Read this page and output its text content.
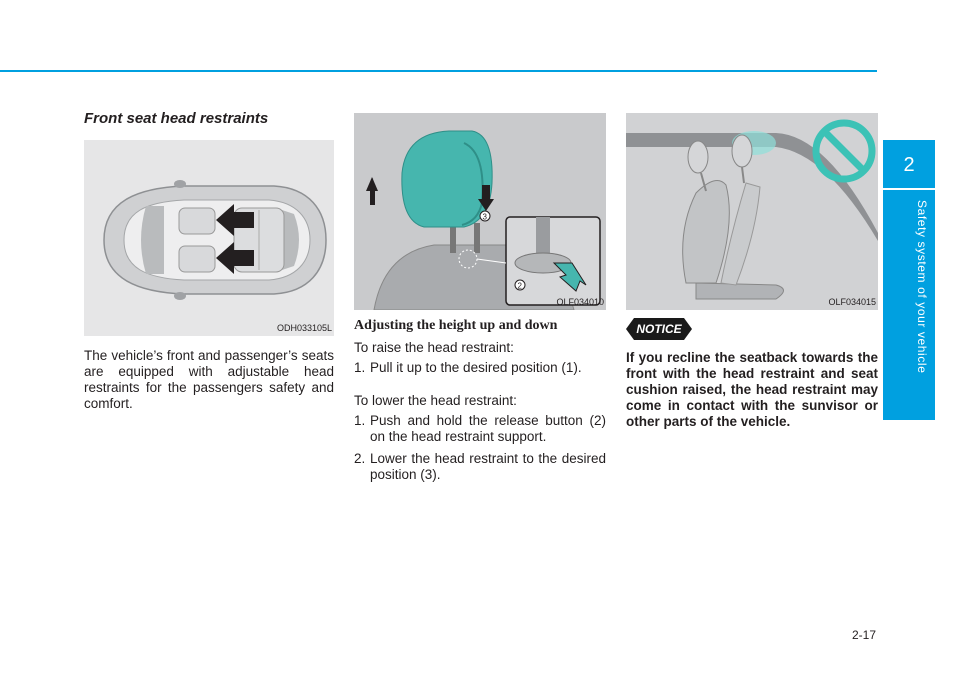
2
Safety system of your vehicle
Front seat head restraints
ODH033105L
The vehicle’s front and passenger’s seats are equipped with adjustable head restraints for the passengers safety and comfort.
1
3
2
OLF034010
Adjusting the height up and down
To raise the head restraint:
1. Pull it up to the desired position (1).
To lower the head restraint:
1. Push and hold the release button (2) on the head restraint support.
2. Lower the head restraint to the desired position (3).
OLF034015
NOTICE
If you recline the seatback towards the front with the head restraint and seat cushion raised, the head restraint may come in contact with the sunvisor or other parts of the vehicle.
2-17
